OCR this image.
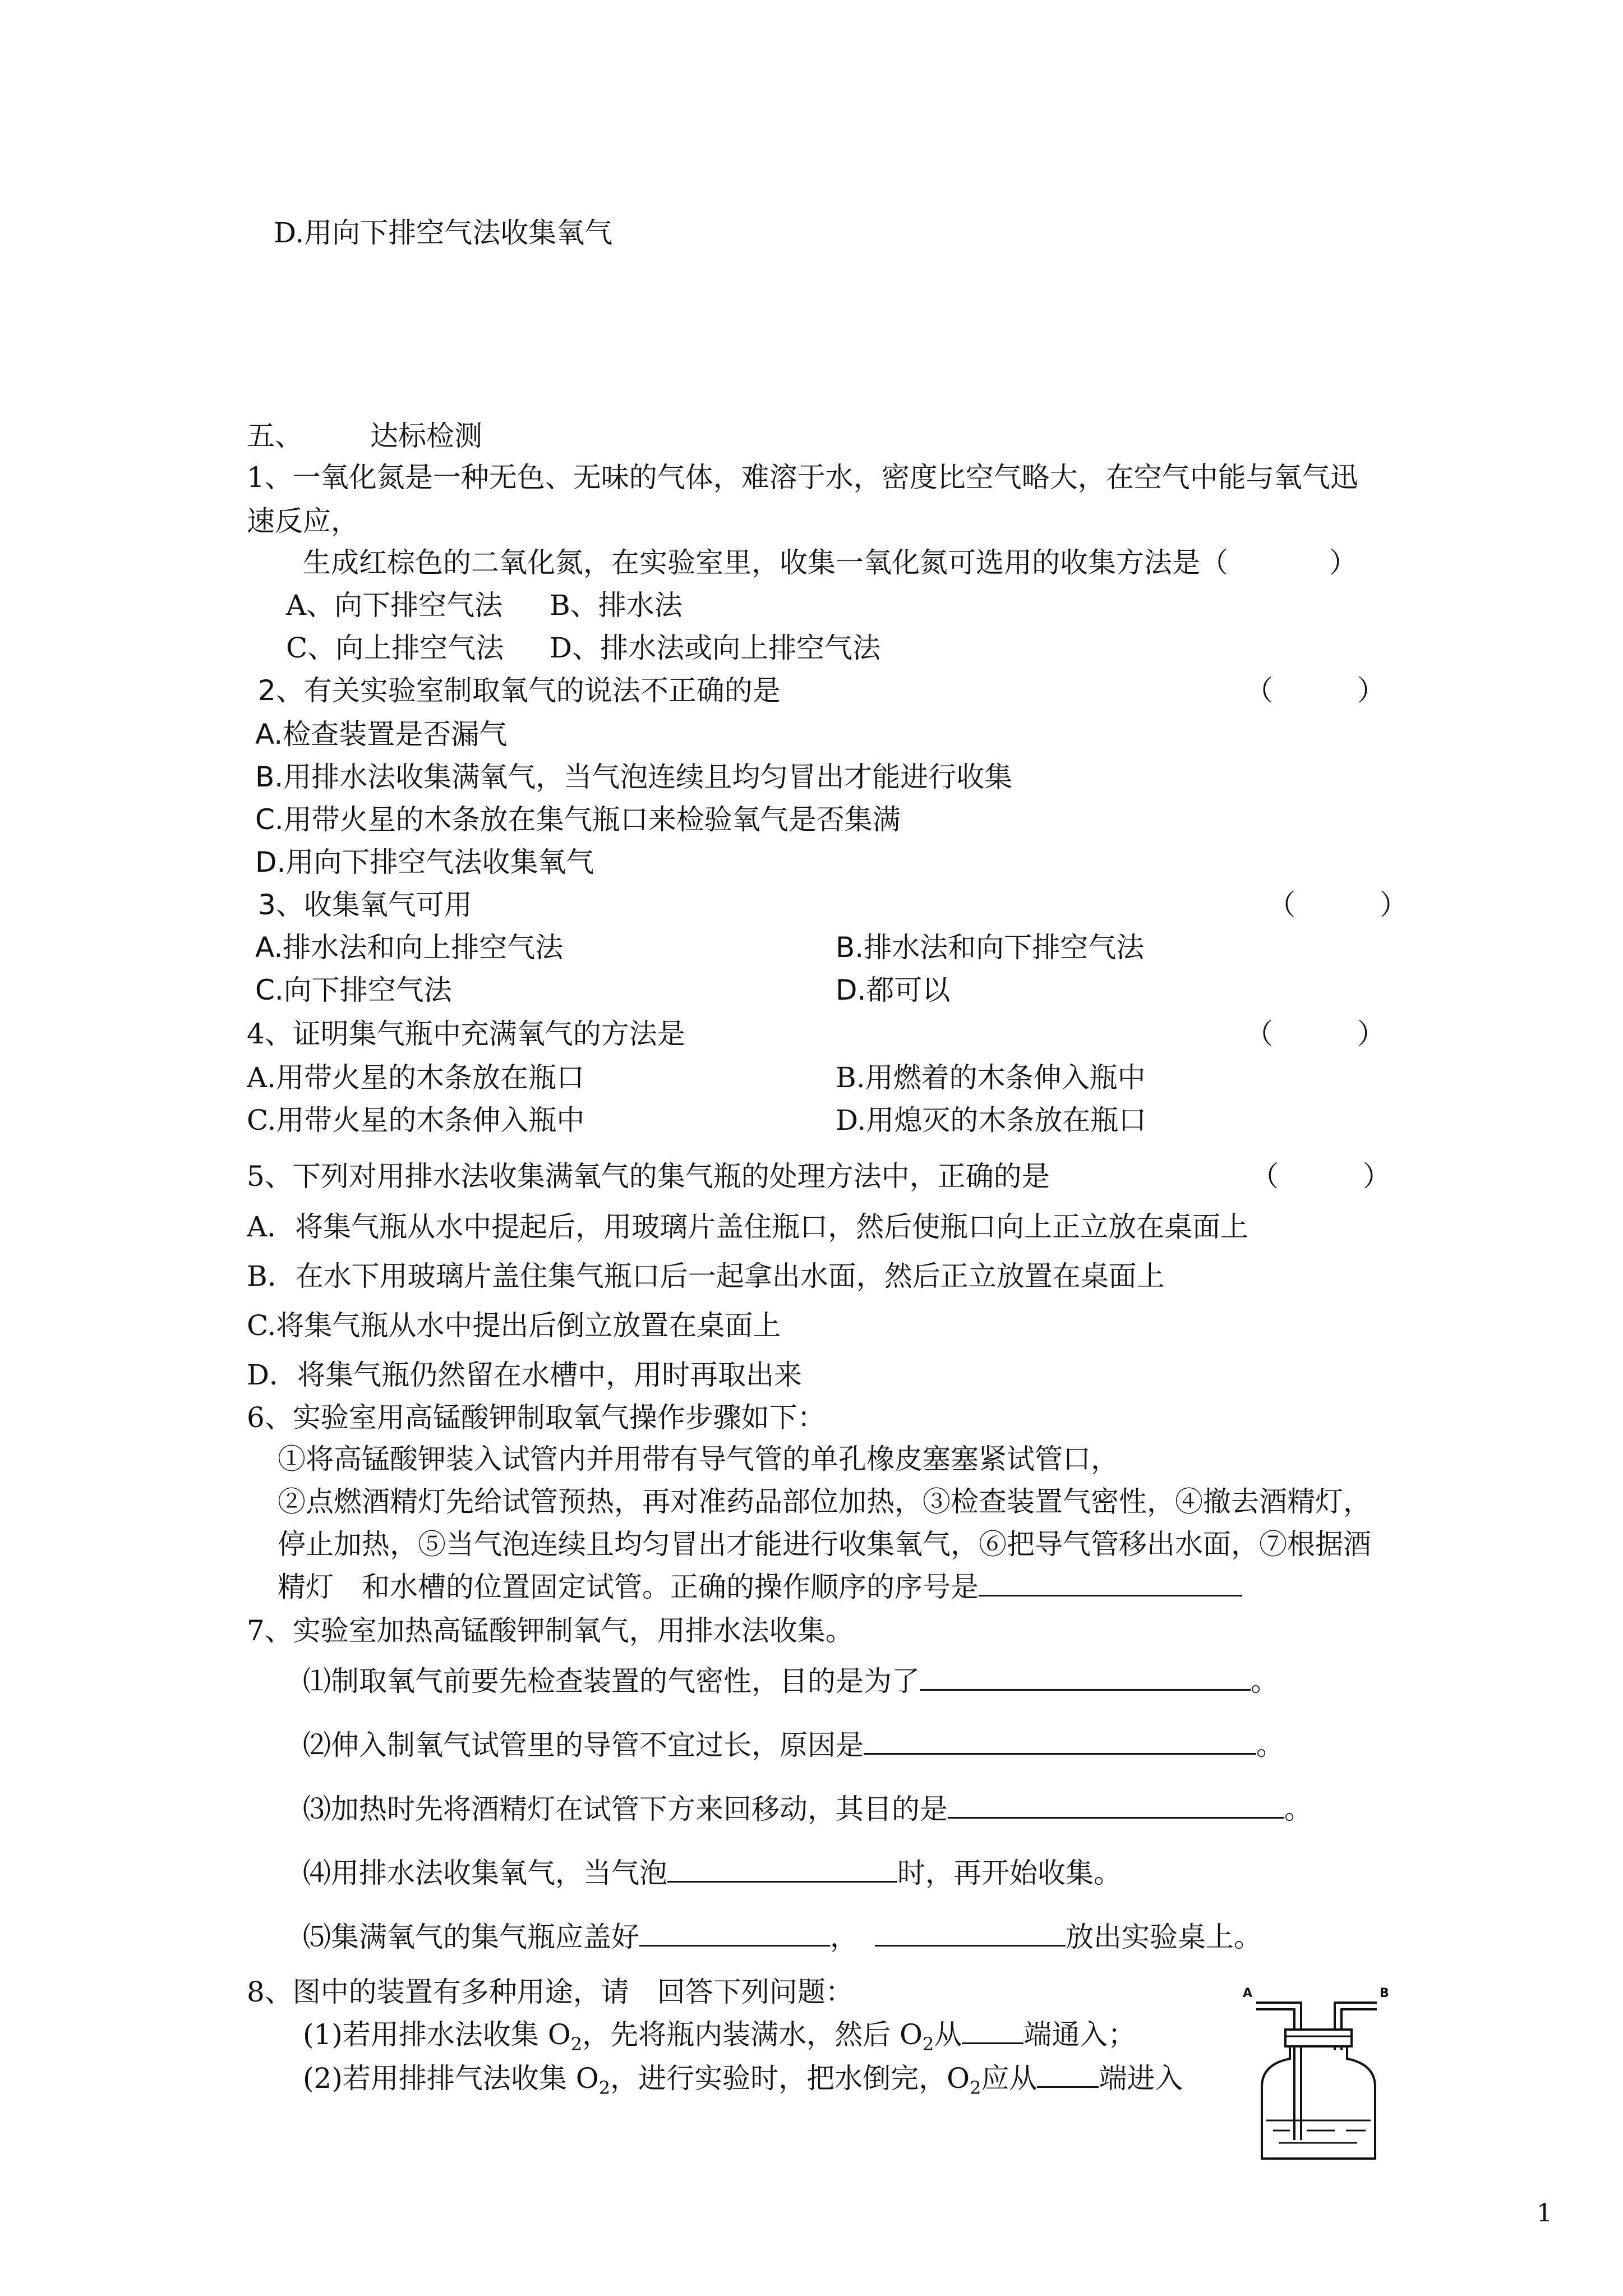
D.用向下排空气法收集氧气
五、 达标检测
1、一氧化氮是一种无色、无味的气体，难溶于水，密度比空气略大，在空气中能与氧气迅
速反应，
生成红棕色的二氧化氮，在实验室里，收集一氧化氮可选用的收集方法是（	）
A、向下排空气法 B、排水法
C、向上排空气法 D、排水法或向上排空气法
2、有关实验室制取氧气的说法不正确的是	（　　　）
A.检查装置是否漏气
B.用排水法收集满氧气，当气泡连续且均匀冒出才能进行收集
C.用带火星的木条放在集气瓶口来检验氧气是否集满
D.用向下排空气法收集氧气
3、收集氧气可用	（　　　）
A.排水法和向上排空气法	B.排水法和向下排空气法
C.向下排空气法	D.都可以
4、证明集气瓶中充满氧气的方法是	（　　　）
A.用带火星的木条放在瓶口	B.用燃着的木条伸入瓶中
C.用带火星的木条伸入瓶中	D.用熄灭的木条放在瓶口
5、下列对用排水法收集满氧气的集气瓶的处理方法中，正确的是	（　　　）
A．将集气瓶从水中提起后，用玻璃片盖住瓶口，然后使瓶口向上正立放在桌面上
B．在水下用玻璃片盖住集气瓶口后一起拿出水面，然后正立放置在桌面上
C.将集气瓶从水中提出后倒立放置在桌面上
D．将集气瓶仍然留在水槽中，用时再取出来
6、实验室用高锰酸钾制取氧气操作步骤如下：
①将高锰酸钾装入试管内并用带有导气管的单孔橡皮塞塞紧试管口，
②点燃酒精灯先给试管预热，再对准药品部位加热，③检查装置气密性，④撤去酒精灯，
停止加热，⑤当气泡连续且均匀冒出才能进行收集氧气，⑥把导气管移出水面，⑦根据酒
精灯　和水槽的位置固定试管。正确的操作顺序的序号是
7、实验室加热高锰酸钾制氧气，用排水法收集。
⑴制取氧气前要先检查装置的气密性，目的是为了	。
⑵伸入制氧气试管里的导管不宜过长，原因是	。
⑶加热时先将酒精灯在试管下方来回移动，其目的是	。
⑷用排水法收集氧气，当气泡	时，再开始收集。
⑸集满氧气的集气瓶应盖好	，	放出实验桌上。
8、图中的装置有多种用途，请　回答下列问题：
(1)若用排水法收集 $O_2$，先将瓶内装满水，然后 $O_2$从 端通入；
(2)若用排排气法收集 $O_2$，进行实验时，把水倒完，$O_2$应从 端进入
A	B
1
